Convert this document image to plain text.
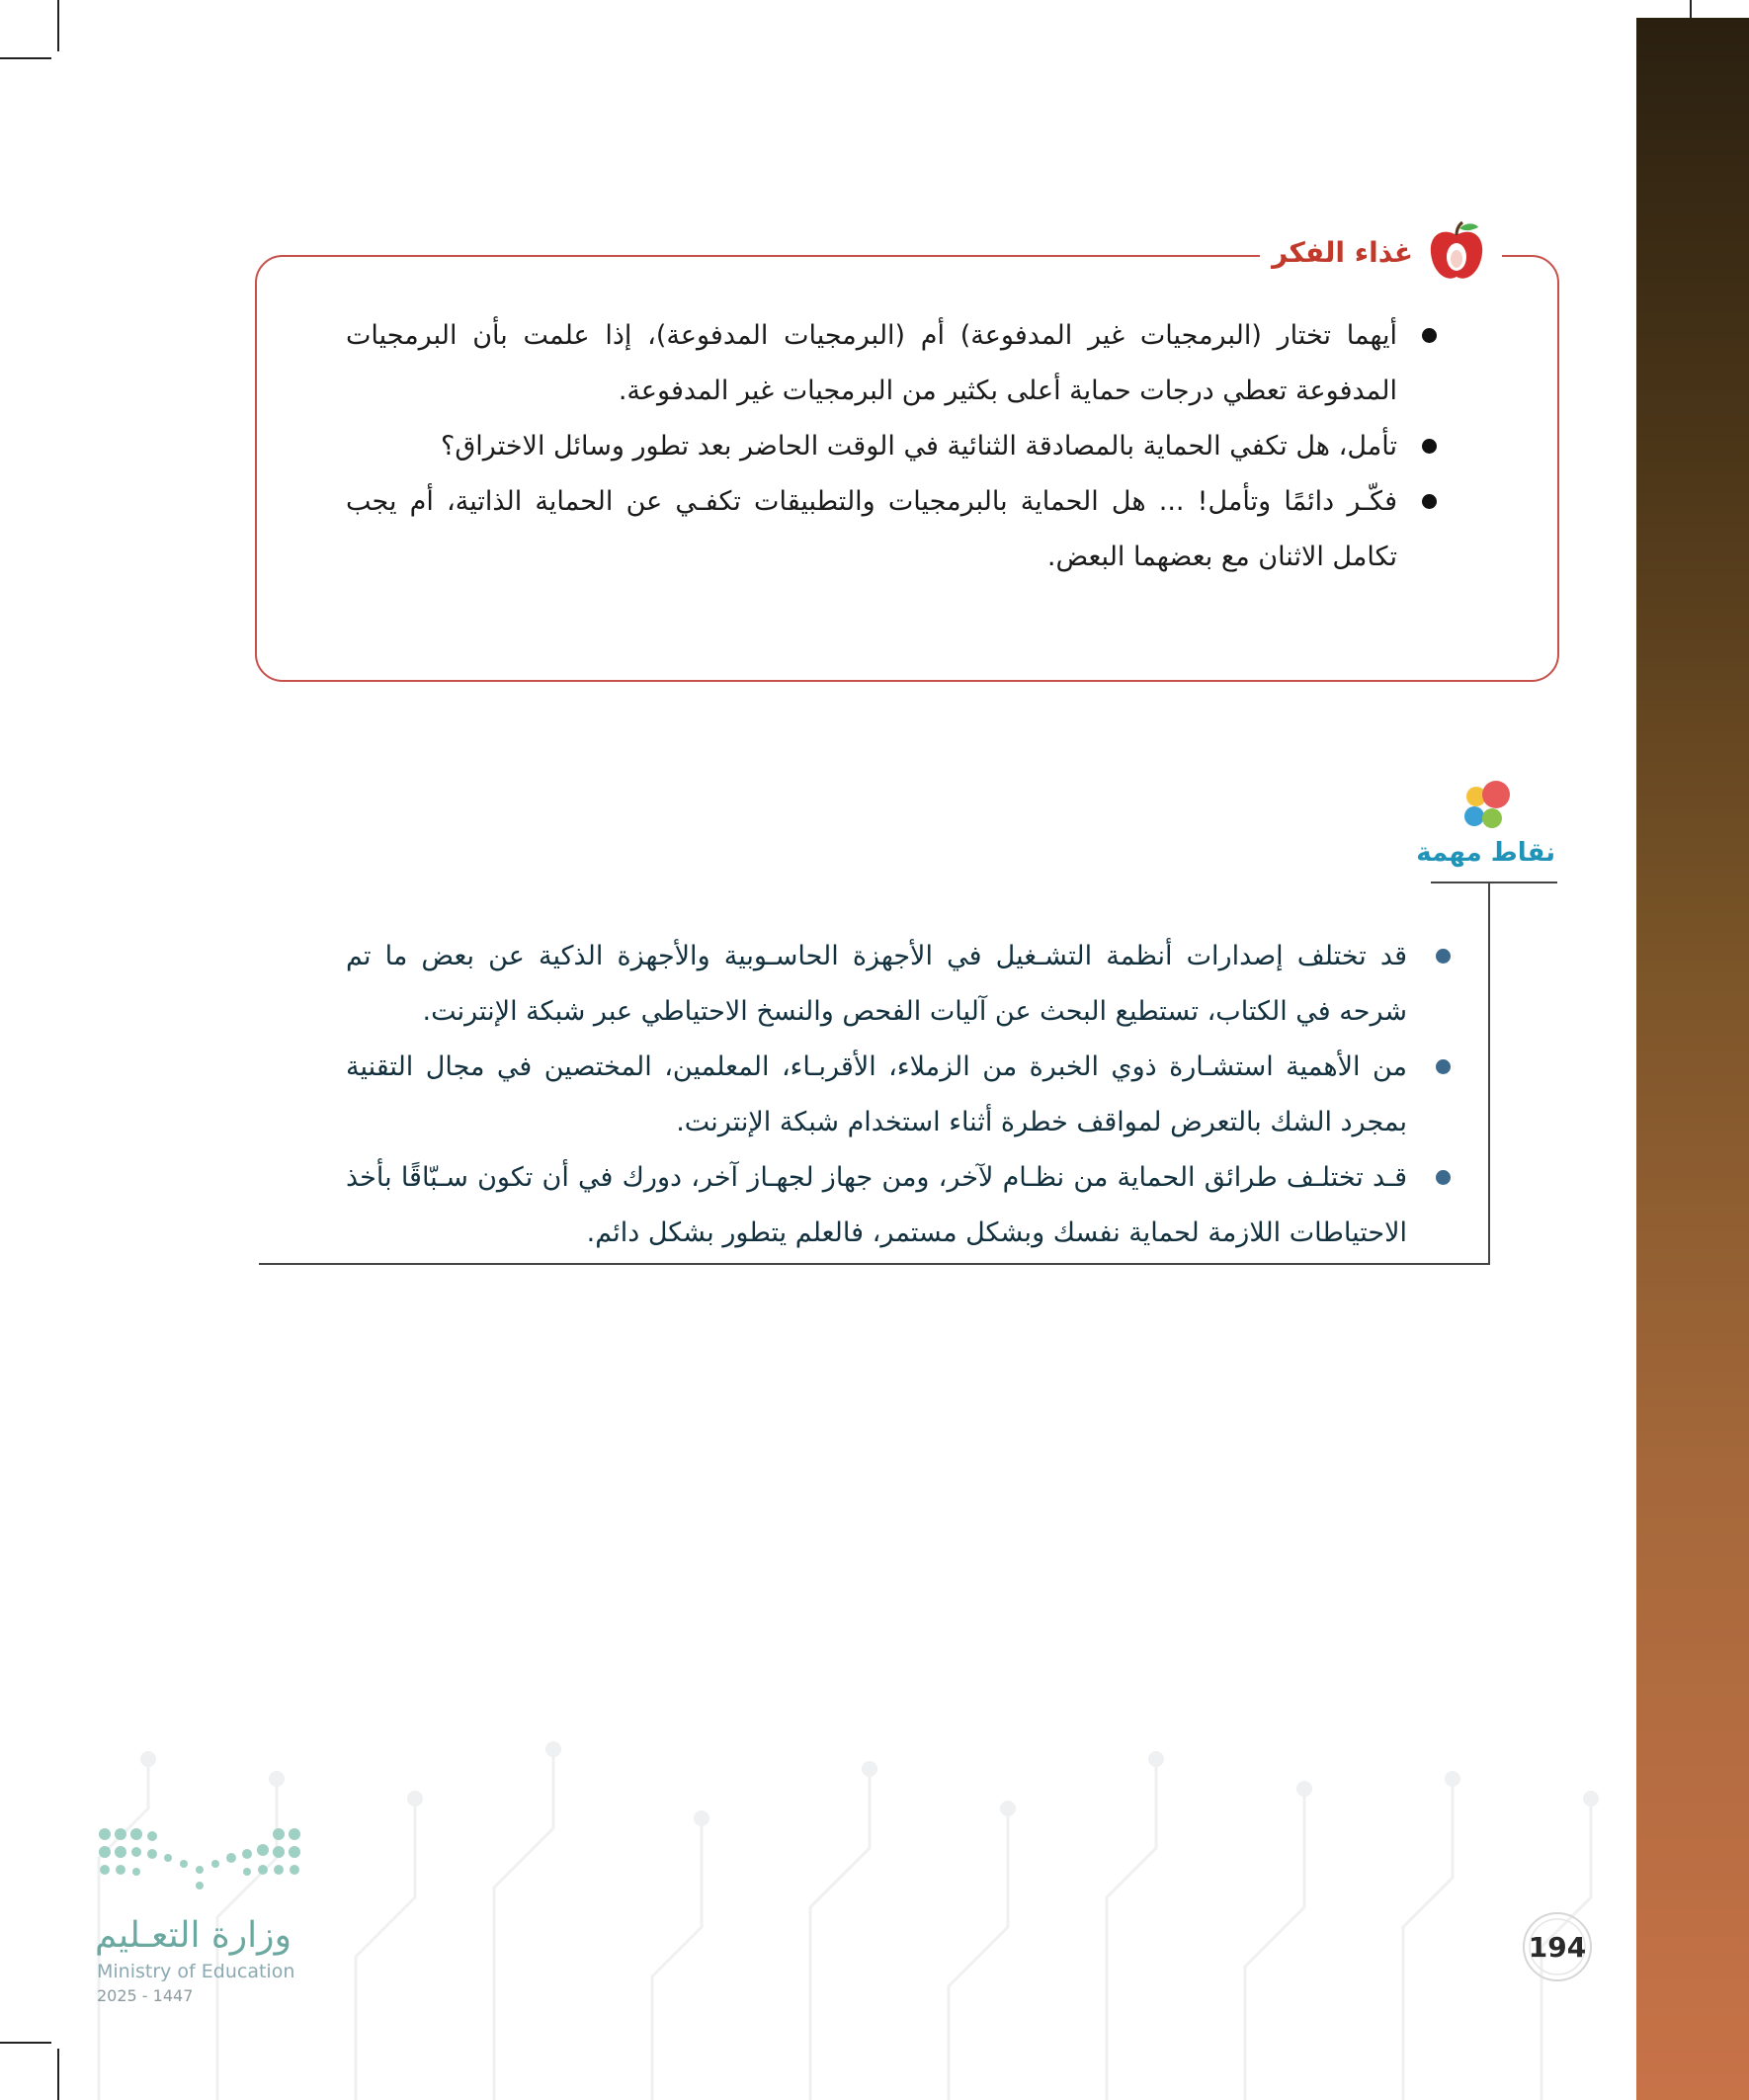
غذاء الفكر
أيهما تختار (البرمجيات غير المدفوعة) أم (البرمجيات المدفوعة)، إذا علمت بأن البرمجيات المدفوعة تعطي درجات حماية أعلى بكثير من البرمجيات غير المدفوعة.
تأمل، هل تكفي الحماية بالمصادقة الثنائية في الوقت الحاضر بعد تطور وسائل الاختراق؟
فكّـر دائمًا وتأمل! ... هل الحماية بالبرمجيات والتطبيقات تكفـي عن الحماية الذاتية، أم يجب تكامل الاثنان مع بعضهما البعض.
نقاط مهمة
قد تختلف إصدارات أنظمة التشـغيل في الأجهزة الحاسـوبية والأجهزة الذكية عن بعض ما تم شرحه في الكتاب، تستطيع البحث عن آليات الفحص والنسخ الاحتياطي عبر شبكة الإنترنت.
من الأهمية استشـارة ذوي الخبرة من الزملاء، الأقربـاء، المعلمين، المختصين في مجال التقنية بمجرد الشك بالتعرض لمواقف خطرة أثناء استخدام شبكة الإنترنت.
قـد تختلـف طرائق الحماية من نظـام لآخر، ومن جهاز لجهـاز آخر، دورك في أن تكون سـبّاقًا بأخذ الاحتياطات اللازمة لحماية نفسك وبشكل مستمر، فالعلم يتطور بشكل دائم.
وزارة التعـليم
Ministry of Education
2025 - 1447
194
